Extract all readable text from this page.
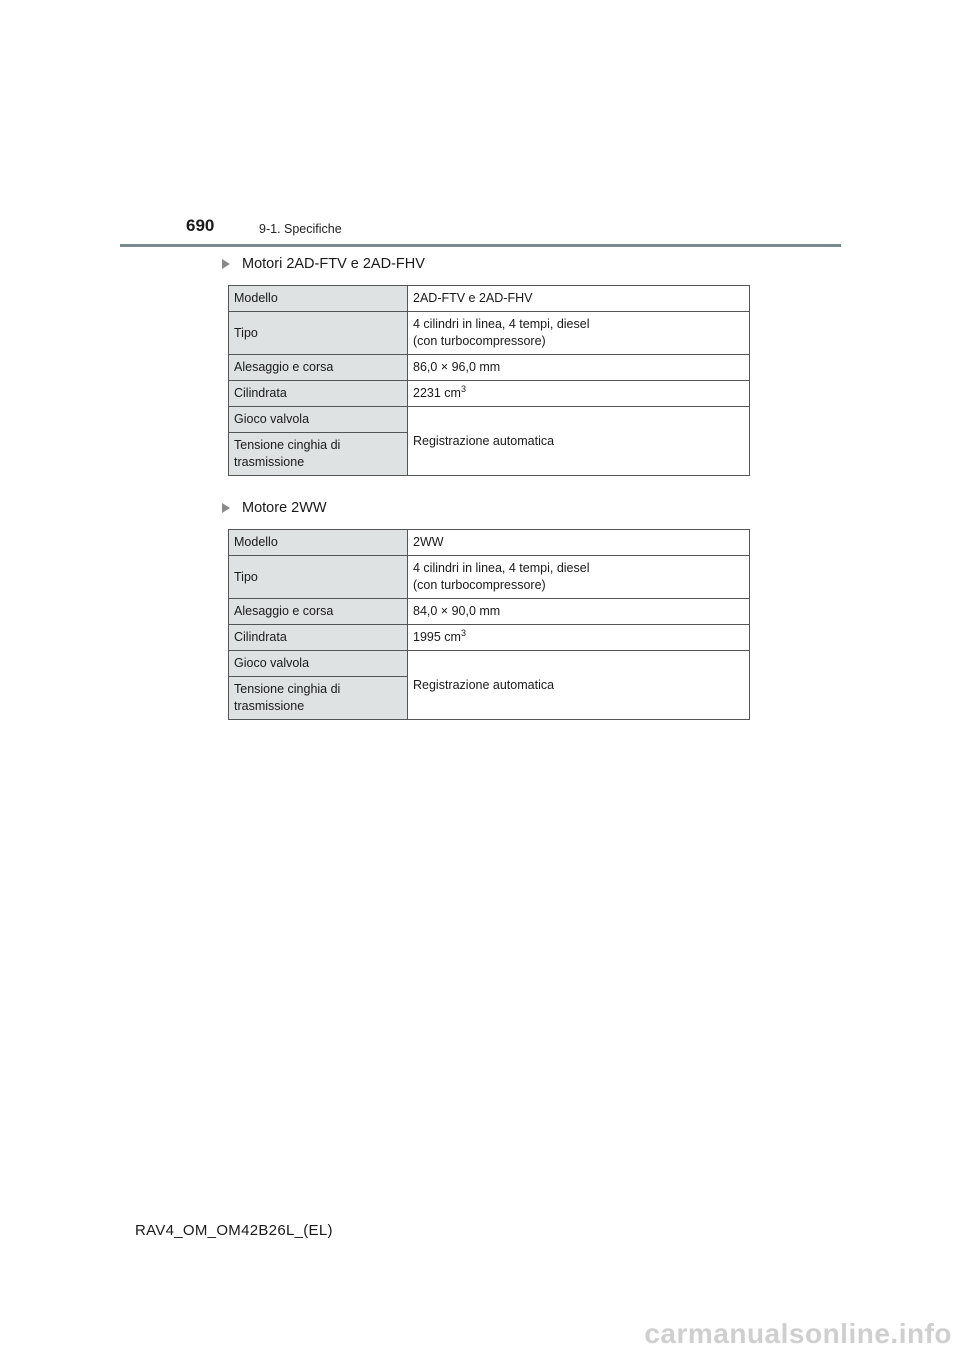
690	9-1. Specifiche
Motori 2AD-FTV e 2AD-FHV
Modello	2AD-FTV e 2AD-FHV
Tipo	4 cilindri in linea, 4 tempi, diesel
(con turbocompressore)
Alesaggio e corsa	86,0 × 96,0 mm
Cilindrata	2231 $cm^3$
Gioco valvola	Registrazione automatica
Tensione cinghia di
trasmissione	
Motore 2WW
Modello	2WW
Tipo	4 cilindri in linea, 4 tempi, diesel
(con turbocompressore)
Alesaggio e corsa	84,0 × 90,0 mm
Cilindrata	1995 $cm^3$
Gioco valvola	Registrazione automatica
Tensione cinghia di
trasmissione	
RAV4_OM_OM42B26L_(EL)
carmanualsonline.info
